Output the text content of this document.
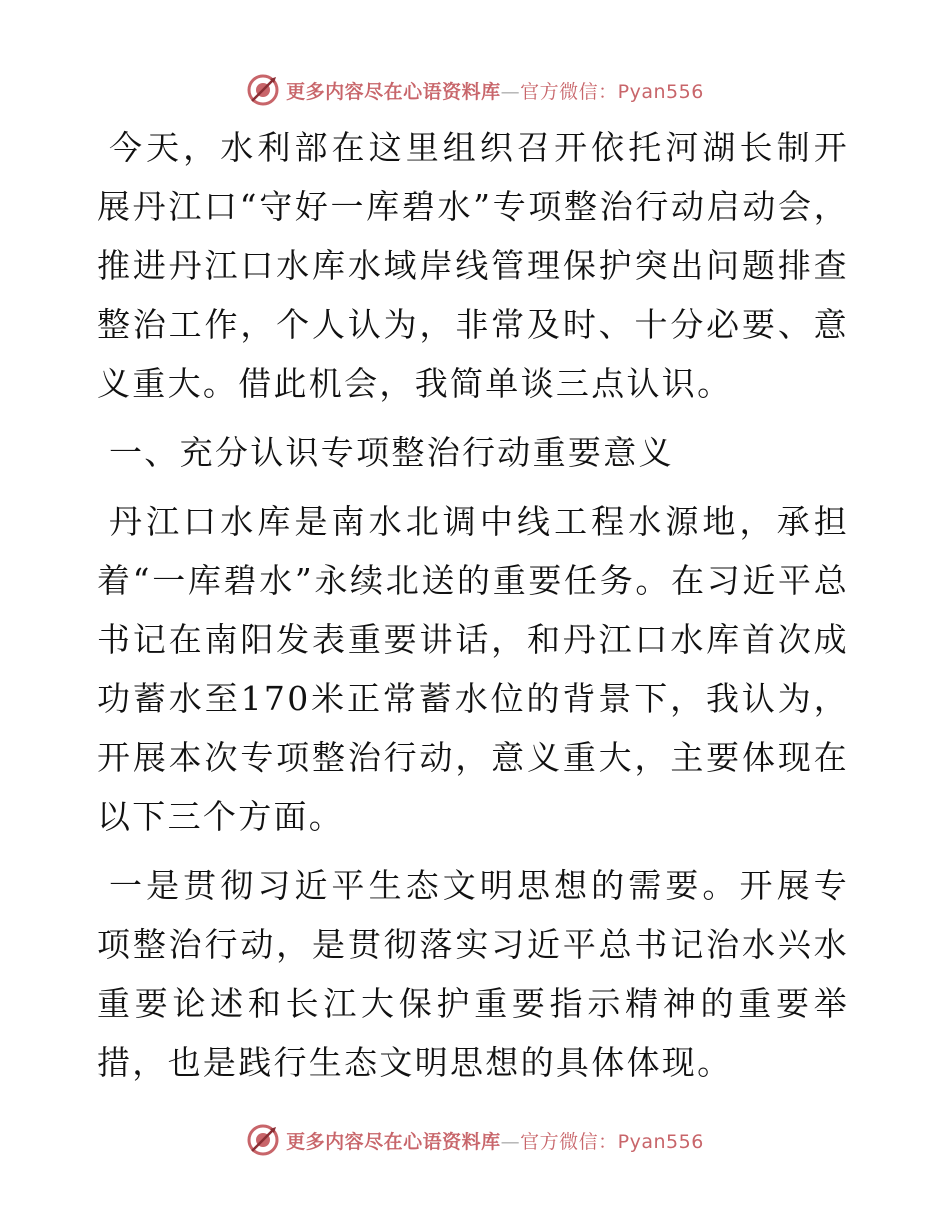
更多内容尽在心语资料库—官方微信：Pyan556

今天，水利部在这里组织召开依托河湖长制开展丹江口“守好一库碧水”专项整治行动启动会，推进丹江口水库水域岸线管理保护突出问题排查整治工作，个人认为，非常及时、十分必要、意义重大。借此机会，我简单谈三点认识。

一、充分认识专项整治行动重要意义

丹江口水库是南水北调中线工程水源地，承担着“一库碧水”永续北送的重要任务。在习近平总书记在南阳发表重要讲话，和丹江口水库首次成功蓄水至170米正常蓄水位的背景下，我认为，开展本次专项整治行动，意义重大，主要体现在以下三个方面。

一是贯彻习近平生态文明思想的需要。开展专项整治行动，是贯彻落实习近平总书记治水兴水重要论述和长江大保护重要指示精神的重要举措，也是践行生态文明思想的具体体现。

更多内容尽在心语资料库—官方微信：Pyan556
